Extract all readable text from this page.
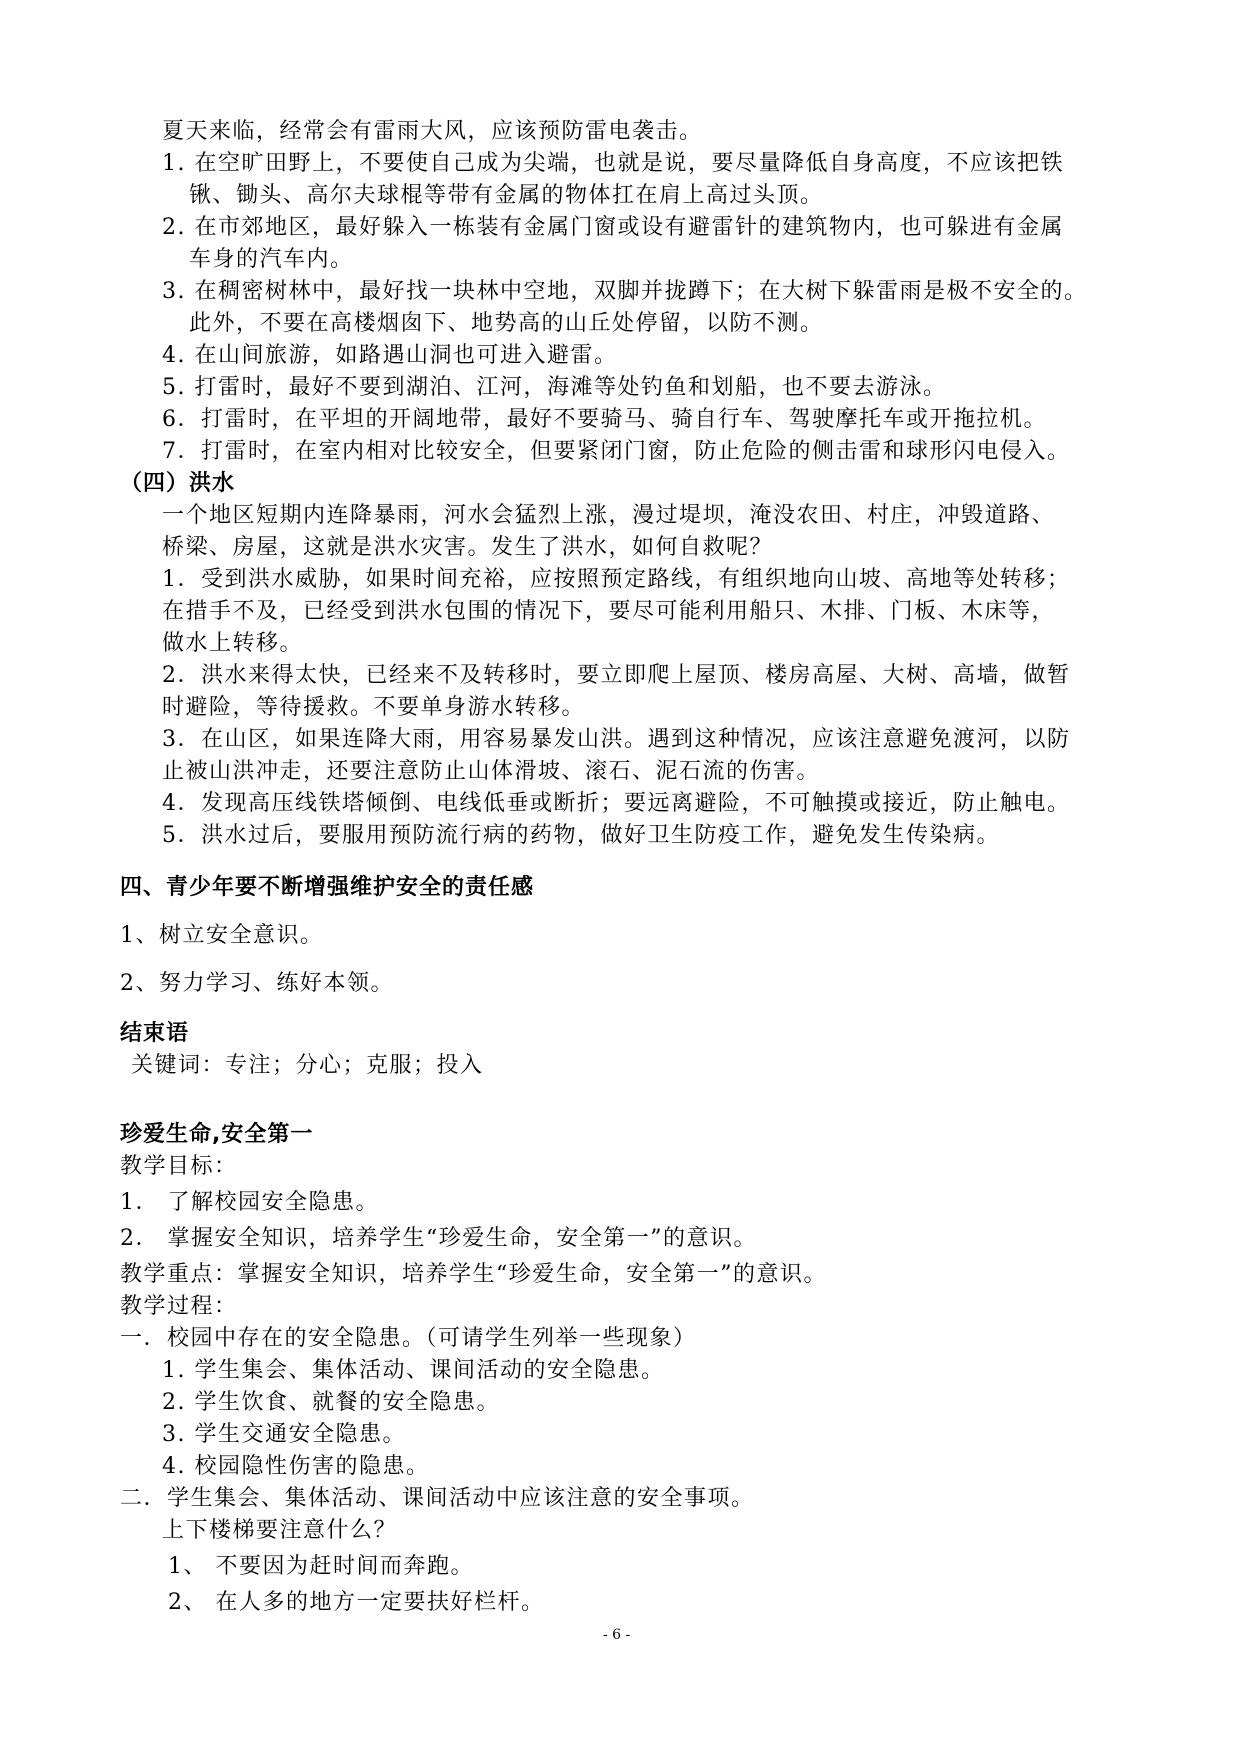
夏天来临，经常会有雷雨大风，应该预防雷电袭击。
1. 在空旷田野上，不要使自己成为尖端，也就是说，要尽量降低自身高度，不应该把铁
锹、锄头、高尔夫球棍等带有金属的物体扛在肩上高过头顶。
2. 在市郊地区，最好躲入一栋装有金属门窗或设有避雷针的建筑物内，也可躲进有金属
车身的汽车内。
3. 在稠密树林中，最好找一块林中空地，双脚并拢蹲下；在大树下躲雷雨是极不安全的。
此外，不要在高楼烟囱下、地势高的山丘处停留，以防不测。
4. 在山间旅游，如路遇山洞也可进入避雷。
5. 打雷时，最好不要到湖泊、江河，海滩等处钓鱼和划船，也不要去游泳。
6．打雷时，在平坦的开阔地带，最好不要骑马、骑自行车、驾驶摩托车或开拖拉机。
7．打雷时，在室内相对比较安全，但要紧闭门窗，防止危险的侧击雷和球形闪电侵入。
（四）洪水
一个地区短期内连降暴雨，河水会猛烈上涨，漫过堤坝，淹没农田、村庄，冲毁道路、
桥梁、房屋，这就是洪水灾害。发生了洪水，如何自救呢？
1．受到洪水威胁，如果时间充裕，应按照预定路线，有组织地向山坡、高地等处转移；
在措手不及，已经受到洪水包围的情况下，要尽可能利用船只、木排、门板、木床等，
做水上转移。
2．洪水来得太快，已经来不及转移时，要立即爬上屋顶、楼房高屋、大树、高墙，做暂
时避险，等待援救。不要单身游水转移。
3．在山区，如果连降大雨，用容易暴发山洪。遇到这种情况，应该注意避免渡河，以防
止被山洪冲走，还要注意防止山体滑坡、滚石、泥石流的伤害。
4．发现高压线铁塔倾倒、电线低垂或断折；要远离避险，不可触摸或接近，防止触电。
5．洪水过后，要服用预防流行病的药物，做好卫生防疫工作，避免发生传染病。
四、青少年要不断增强维护安全的责任感
1、树立安全意识。
2、努力学习、练好本领。
结束语
关键词：专注；分心；克服；投入
珍爱生命,安全第一
教学目标：
1． 了解校园安全隐患。
2． 掌握安全知识，培养学生“珍爱生命，安全第一”的意识。
教学重点：掌握安全知识，培养学生“珍爱生命，安全第一”的意识。
教学过程：
一．校园中存在的安全隐患。（可请学生列举一些现象）
1. 学生集会、集体活动、课间活动的安全隐患。
2. 学生饮食、就餐的安全隐患。
3. 学生交通安全隐患。
4. 校园隐性伤害的隐患。
二．学生集会、集体活动、课间活动中应该注意的安全事项。
上下楼梯要注意什么？
1、 不要因为赶时间而奔跑。
2、 在人多的地方一定要扶好栏杆。
- 6 -
